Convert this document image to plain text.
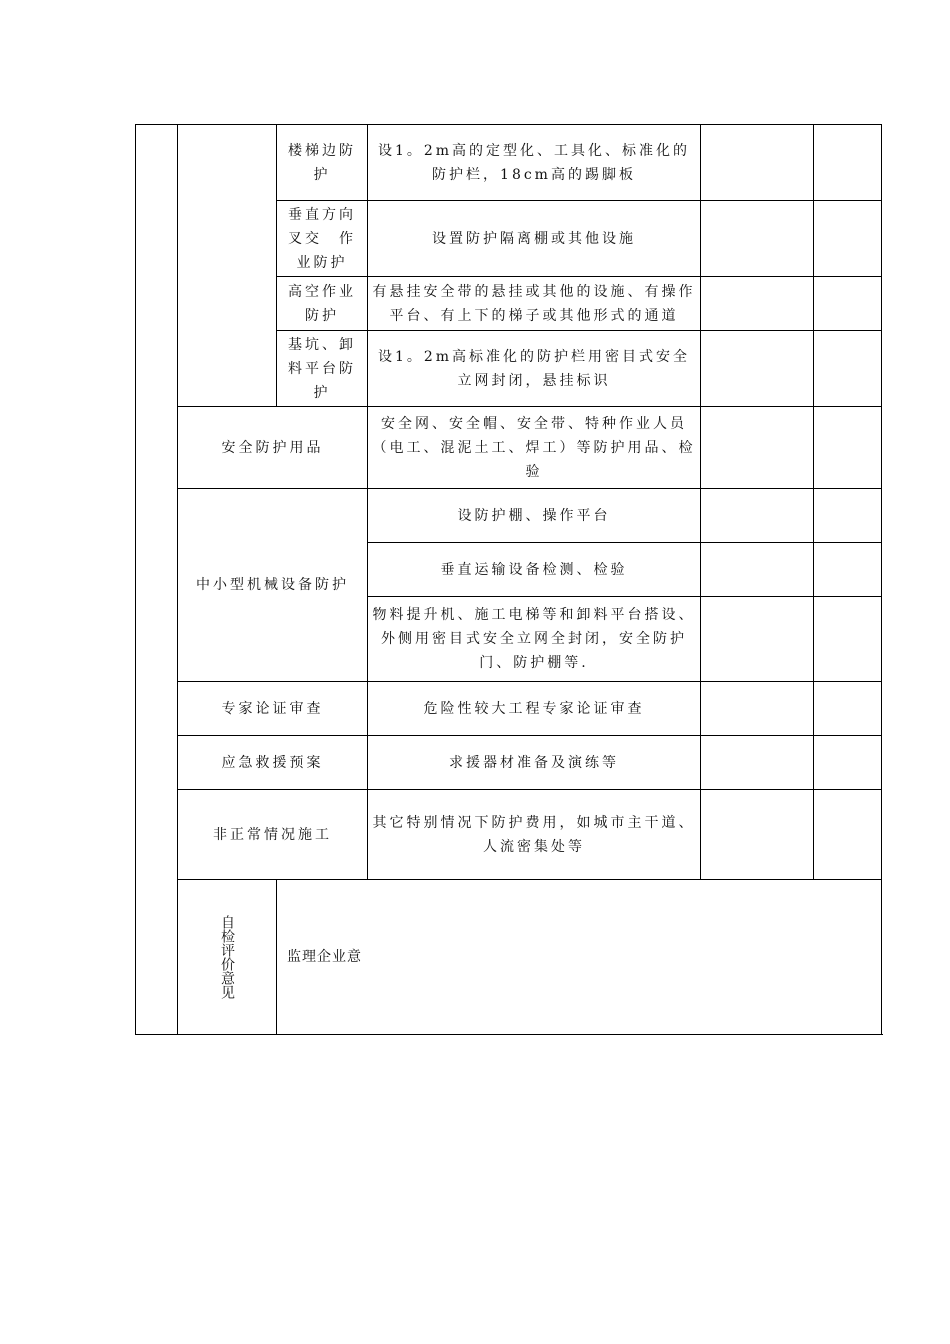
		楼梯边防护	设1。2m高的定型化、工具化、标准化的防护栏，18cm高的踢脚板		
		垂直方向叉交　作业防护	设置防护隔离棚或其他设施		
		高空作业防护	有悬挂安全带的悬挂或其他的设施、有操作平台、有上下的梯子或其他形式的通道		
		基坑、卸料平台防护	设1。2m高标准化的防护栏用密目式安全立网封闭，悬挂标识		
	安全防护用品		安全网、安全帽、安全带、特种作业人员（电工、混泥土工、焊工）等防护用品、检验		
	中小型机械设备防护		设防护棚、操作平台		
			垂直运输设备检测、检验		
			物料提升机、施工电梯等和卸料平台搭设、外侧用密目式安全立网全封闭，安全防护门、防护棚等.		
	专家论证审查		危险性较大工程专家论证审查		
	应急救援预案		求援器材准备及演练等		
	非正常情况施工		其它特别情况下防护费用，如城市主干道、人流密集处等		

	自检评价意见	监理企业意			
